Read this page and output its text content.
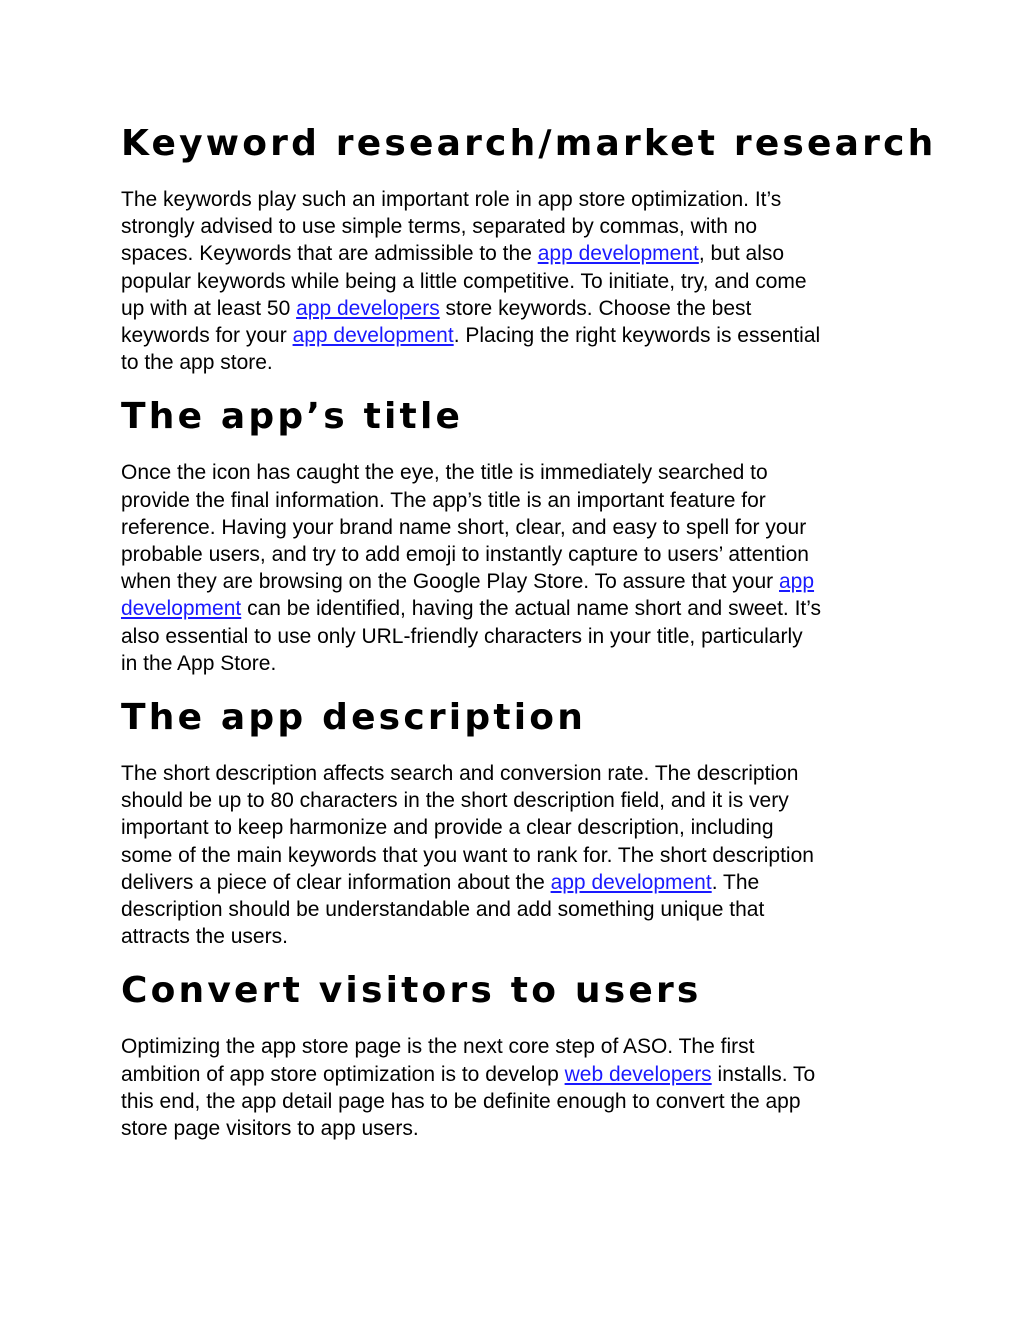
Keyword research/market research

The keywords play such an important role in app store optimization. It’s

strongly advised to use simple terms, separated by commas, with no

spaces. Keywords that are admissible to the app development, but also

popular keywords while being a little competitive. To initiate, try, and come

up with at least 50 app developers store keywords. Choose the best

keywords for your app development. Placing the right keywords is essential

to the app store.

The app’s title

Once the icon has caught the eye, the title is immediately searched to

provide the final information. The app’s title is an important feature for

reference. Having your brand name short, clear, and easy to spell for your

probable users, and try to add emoji to instantly capture to users’ attention

when they are browsing on the Google Play Store. To assure that your app

development can be identified, having the actual name short and sweet. It’s

also essential to use only URL-friendly characters in your title, particularly

in the App Store.

The app description

The short description affects search and conversion rate. The description

should be up to 80 characters in the short description field, and it is very

important to keep harmonize and provide a clear description, including

some of the main keywords that you want to rank for. The short description

delivers a piece of clear information about the app development. The

description should be understandable and add something unique that

attracts the users.

Convert visitors to users

Optimizing the app store page is the next core step of ASO. The first

ambition of app store optimization is to develop web developers installs. To

this end, the app detail page has to be definite enough to convert the app

store page visitors to app users.
